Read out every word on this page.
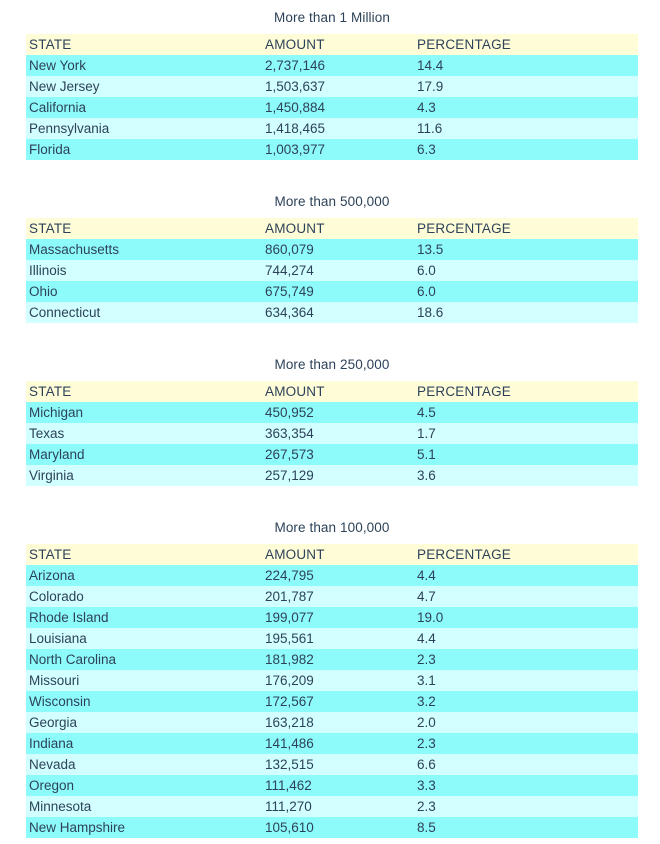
More than 1 Million
STATE	AMOUNT	PERCENTAGE
New York	2,737,146	14.4
New Jersey	1,503,637	17.9
California	1,450,884	4.3
Pennsylvania	1,418,465	11.6
Florida	1,003,977	6.3
More than 500,000
STATE	AMOUNT	PERCENTAGE
Massachusetts	860,079	13.5
Illinois	744,274	6.0
Ohio	675,749	6.0
Connecticut	634,364	18.6
More than 250,000
STATE	AMOUNT	PERCENTAGE
Michigan	450,952	4.5
Texas	363,354	1.7
Maryland	267,573	5.1
Virginia	257,129	3.6
More than 100,000
STATE	AMOUNT	PERCENTAGE
Arizona	224,795	4.4
Colorado	201,787	4.7
Rhode Island	199,077	19.0
Louisiana	195,561	4.4
North Carolina	181,982	2.3
Missouri	176,209	3.1
Wisconsin	172,567	3.2
Georgia	163,218	2.0
Indiana	141,486	2.3
Nevada	132,515	6.6
Oregon	111,462	3.3
Minnesota	111,270	2.3
New Hampshire	105,610	8.5
